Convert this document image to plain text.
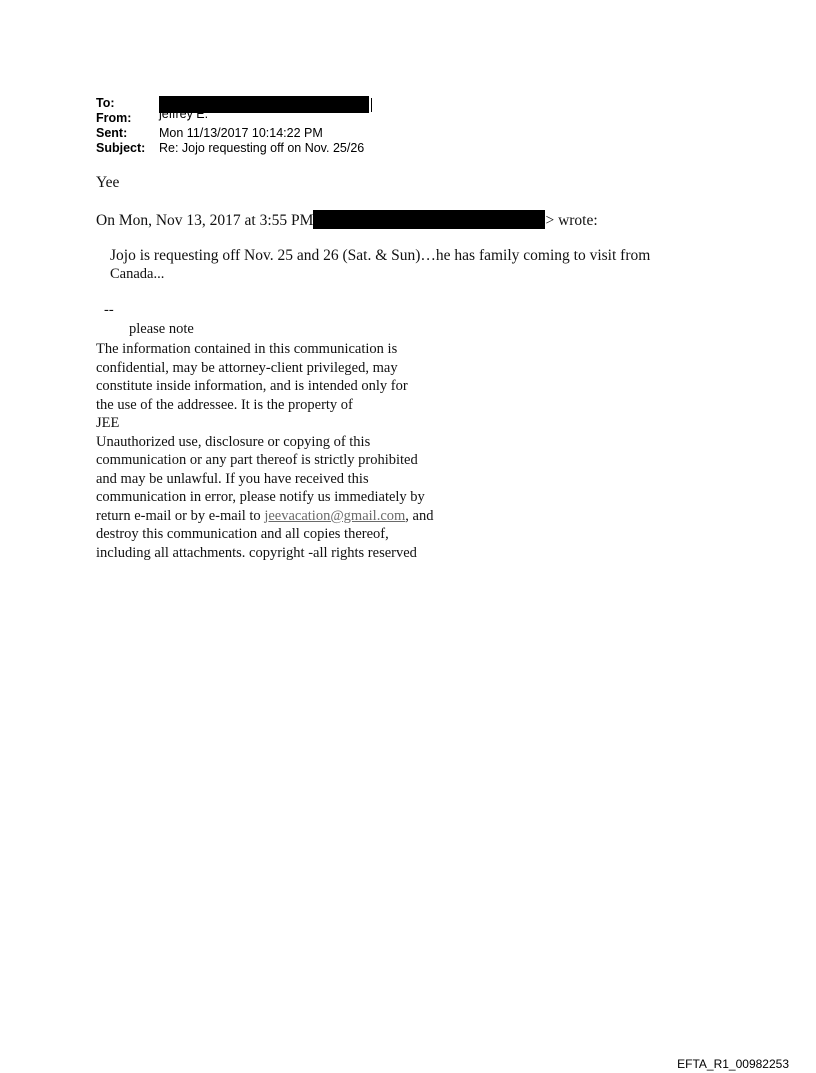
To:
From:	jeffrey E.
Sent:	Mon 11/13/2017 10:14:22 PM
Subject:	Re: Jojo requesting off on Nov. 25/26
Yee
On Mon, Nov 13, 2017 at 3:55 PM	> wrote:
Jojo is requesting off Nov. 25 and 26 (Sat. & Sun)…he has family coming to visit from
Canada...
--
please note
The information contained in this communication is
confidential, may be attorney-client privileged, may
constitute inside information, and is intended only for
the use of the addressee. It is the property of
JEE
Unauthorized use, disclosure or copying of this
communication or any part thereof is strictly prohibited
and may be unlawful. If you have received this
communication in error, please notify us immediately by
return e-mail or by e-mail to jeevacation@gmail.com, and
destroy this communication and all copies thereof,
including all attachments. copyright -all rights reserved
EFTA_R1_00982253
